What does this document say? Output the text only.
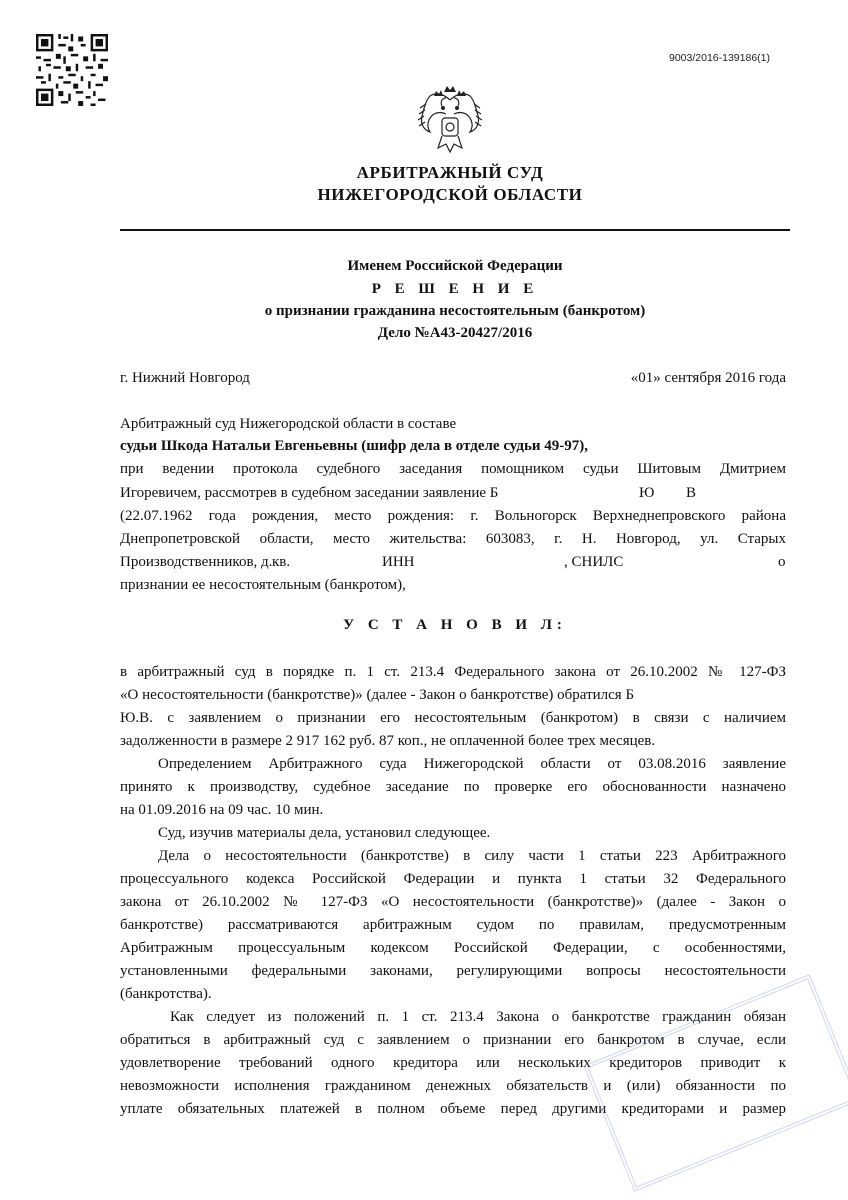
9003/2016-139186(1)
АРБИТРАЖНЫЙ СУД
НИЖЕГОРОДСКОЙ ОБЛАСТИ
Именем Российской Федерации
Р Е Ш Е Н И Е
о признании гражданина несостоятельным (банкротом)
Дело №А43-20427/2016
г. Нижний Новгород	«01» сентября 2016 года
Арбитражный суд Нижегородской области в составе
судьи Шкода Натальи Евгеньевны (шифр дела в отделе судьи 49-97),
при ведении протокола судебного заседания помощником судьи Шитовым Дмитрием
Игоревичем, рассмотрев в судебном заседании заявление Б	Ю В
(22.07.1962 года рождения, место рождения: г. Вольногорск Верхнеднепровского района
Днепропетровской области, место жительства: 603083, г. Н. Новгород, ул. Старых
Производственников, д. кв.	ИНН	, СНИЛС	о
признании ее несостоятельным (банкротом),
У С Т А Н О В И Л:
в арбитражный суд в порядке п. 1 ст. 213.4 Федерального закона от 26.10.2002 № 127-ФЗ
«О несостоятельности (банкротстве)» (далее - Закон о банкротстве) обратился Б
Ю.В. с заявлением о признании его несостоятельным (банкротом) в связи с наличием
задолженности в размере 2 917 162 руб. 87 коп., не оплаченной более трех месяцев.
Определением Арбитражного суда Нижегородской области от 03.08.2016 заявление
принято к производству, судебное заседание по проверке его обоснованности назначено
на 01.09.2016 на 09 час. 10 мин.
Суд, изучив материалы дела, установил следующее.
Дела о несостоятельности (банкротстве) в силу части 1 статьи 223 Арбитражного
процессуального кодекса Российской Федерации и пункта 1 статьи 32 Федерального
закона от 26.10.2002 № 127-ФЗ «О несостоятельности (банкротстве)» (далее - Закон о
банкротстве) рассматриваются арбитражным судом по правилам, предусмотренным
Арбитражным процессуальным кодексом Российской Федерации, с особенностями,
установленными федеральными законами, регулирующими вопросы несостоятельности
(банкротства).
Как следует из положений п. 1 ст. 213.4 Закона о банкротстве гражданин обязан
обратиться в арбитражный суд с заявлением о признании его банкротом в случае, если
удовлетворение требований одного кредитора или нескольких кредиторов приводит к
невозможности исполнения гражданином денежных обязательств и (или) обязанности по
уплате обязательных платежей в полном объеме перед другими кредиторами и размер
